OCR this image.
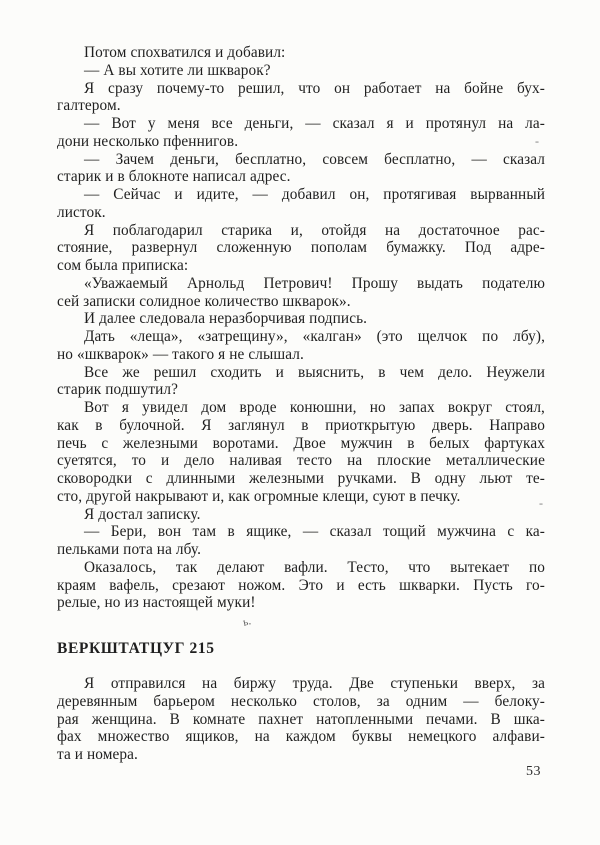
Потом спохватился и добавил:
— А вы хотите ли шкварок?
Я сразу почему-то решил, что он работает на бойне бух-
галтером.
— Вот у меня все деньги, — сказал я и протянул на ла-
дони несколько пфеннигов.
— Зачем деньги, бесплатно, совсем бесплатно, — сказал
старик и в блокноте написал адрес.
— Сейчас и идите, — добавил он, протягивая вырванный
листок.
Я поблагодарил старика и, отойдя на достаточное рас-
стояние, развернул сложенную пополам бумажку. Под адре-
сом была приписка:
«Уважаемый Арнольд Петрович! Прошу выдать подателю
сей записки солидное количество шкварок».
И далее следовала неразборчивая подпись.
Дать «леща», «затрещину», «калган» (это щелчок по лбу),
но «шкварок» — такого я не слышал.
Все же решил сходить и выяснить, в чем дело. Неужели
старик подшутил?
Вот я увидел дом вроде конюшни, но запах вокруг стоял,
как в булочной. Я заглянул в приоткрытую дверь. Направо
печь с железными воротами. Двое мужчин в белых фартуках
суетятся, то и дело наливая тесто на плоские металлические
сковородки с длинными железными ручками. В одну льют те-
сто, другой накрывают и, как огромные клещи, суют в печку.
Я достал записку.
— Бери, вон там в ящике, — сказал тощий мужчина с ка-
пельками пота на лбу.
Оказалось, так делают вафли. Тесто, что вытекает по
краям вафель, срезают ножом. Это и есть шкварки. Пусть го-
релые, но из настоящей муки!
ВЕРКШТАТЦУГ 215
Я отправился на биржу труда. Две ступеньки вверх, за
деревянным барьером несколько столов, за одним — белоку-
рая женщина. В комнате пахнет натопленными печами. В шка-
фах множество ящиков, на каждом буквы немецкого алфави-
та и номера.
ь.
-
-
53
